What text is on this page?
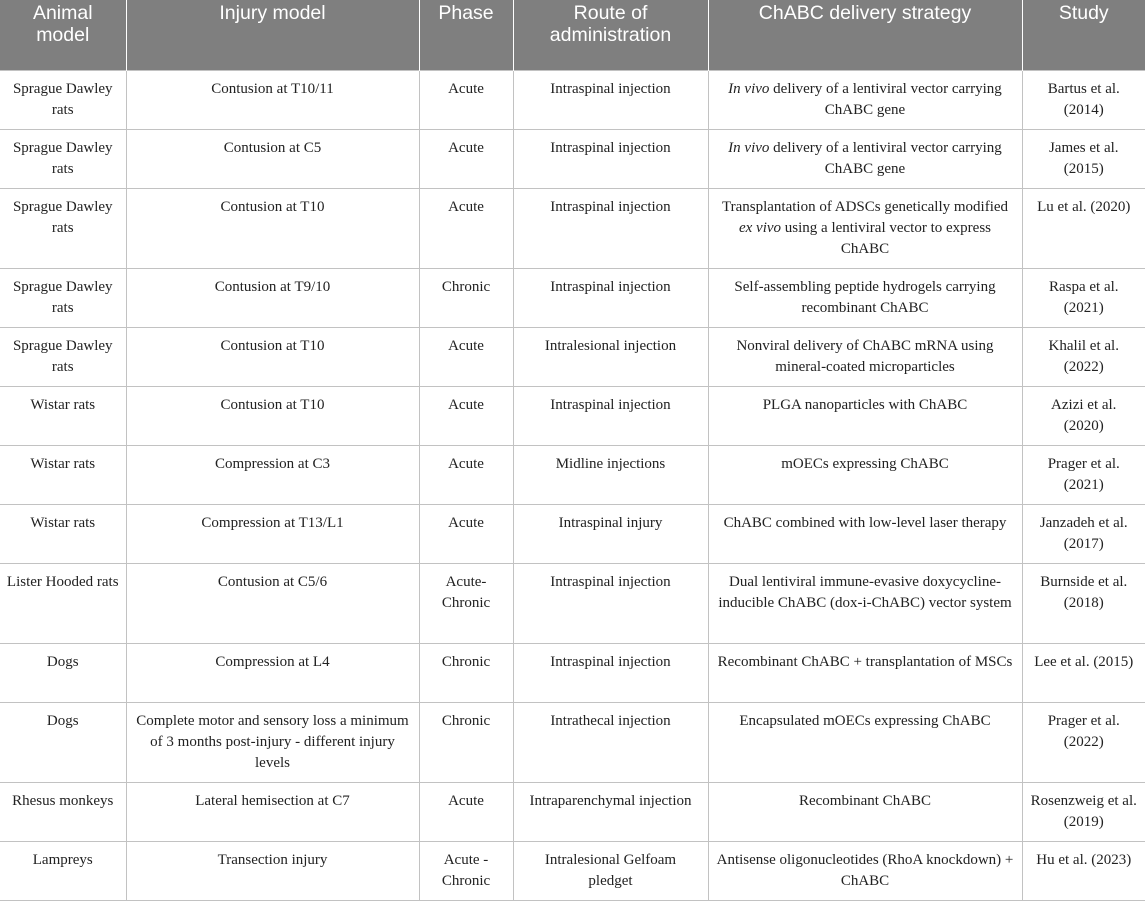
Animal model	Injury model	Phase	Route of administration	ChABC delivery strategy	Study
Sprague Dawley rats	Contusion at T10/11	Acute	Intraspinal injection	In vivo delivery of a lentiviral vector carrying ChABC gene	Bartus et al. (2014)
Sprague Dawley rats	Contusion at C5	Acute	Intraspinal injection	In vivo delivery of a lentiviral vector carrying ChABC gene	James et al. (2015)
Sprague Dawley rats	Contusion at T10	Acute	Intraspinal injection	Transplantation of ADSCs genetically modified ex vivo using a lentiviral vector to express ChABC	Lu et al. (2020)
Sprague Dawley rats	Contusion at T9/10	Chronic	Intraspinal injection	Self-assembling peptide hydrogels carrying recombinant ChABC	Raspa et al. (2021)
Sprague Dawley rats	Contusion at T10	Acute	Intralesional injection	Nonviral delivery of ChABC mRNA using mineral-coated microparticles	Khalil et al. (2022)
Wistar rats	Contusion at T10	Acute	Intraspinal injection	PLGA nanoparticles with ChABC	Azizi et al. (2020)
Wistar rats	Compression at C3	Acute	Midline injections	mOECs expressing ChABC	Prager et al. (2021)
Wistar rats	Compression at T13/L1	Acute	Intraspinal injury	ChABC combined with low-level laser therapy	Janzadeh et al. (2017)
Lister Hooded rats	Contusion at C5/6	Acute-Chronic	Intraspinal injection	Dual lentiviral immune-evasive doxycycline-inducible ChABC (dox-i-ChABC) vector system	Burnside et al. (2018)
Dogs	Compression at L4	Chronic	Intraspinal injection	Recombinant ChABC + transplantation of MSCs	Lee et al. (2015)
Dogs	Complete motor and sensory loss a minimum of 3 months post-injury - different injury levels	Chronic	Intrathecal injection	Encapsulated mOECs expressing ChABC	Prager et al. (2022)
Rhesus monkeys	Lateral hemisection at C7	Acute	Intraparenchymal injection	Recombinant ChABC	Rosenzweig et al. (2019)
Lampreys	Transection injury	Acute - Chronic	Intralesional Gelfoam pledget	Antisense oligonucleotides (RhoA knockdown) + ChABC	Hu et al. (2023)
